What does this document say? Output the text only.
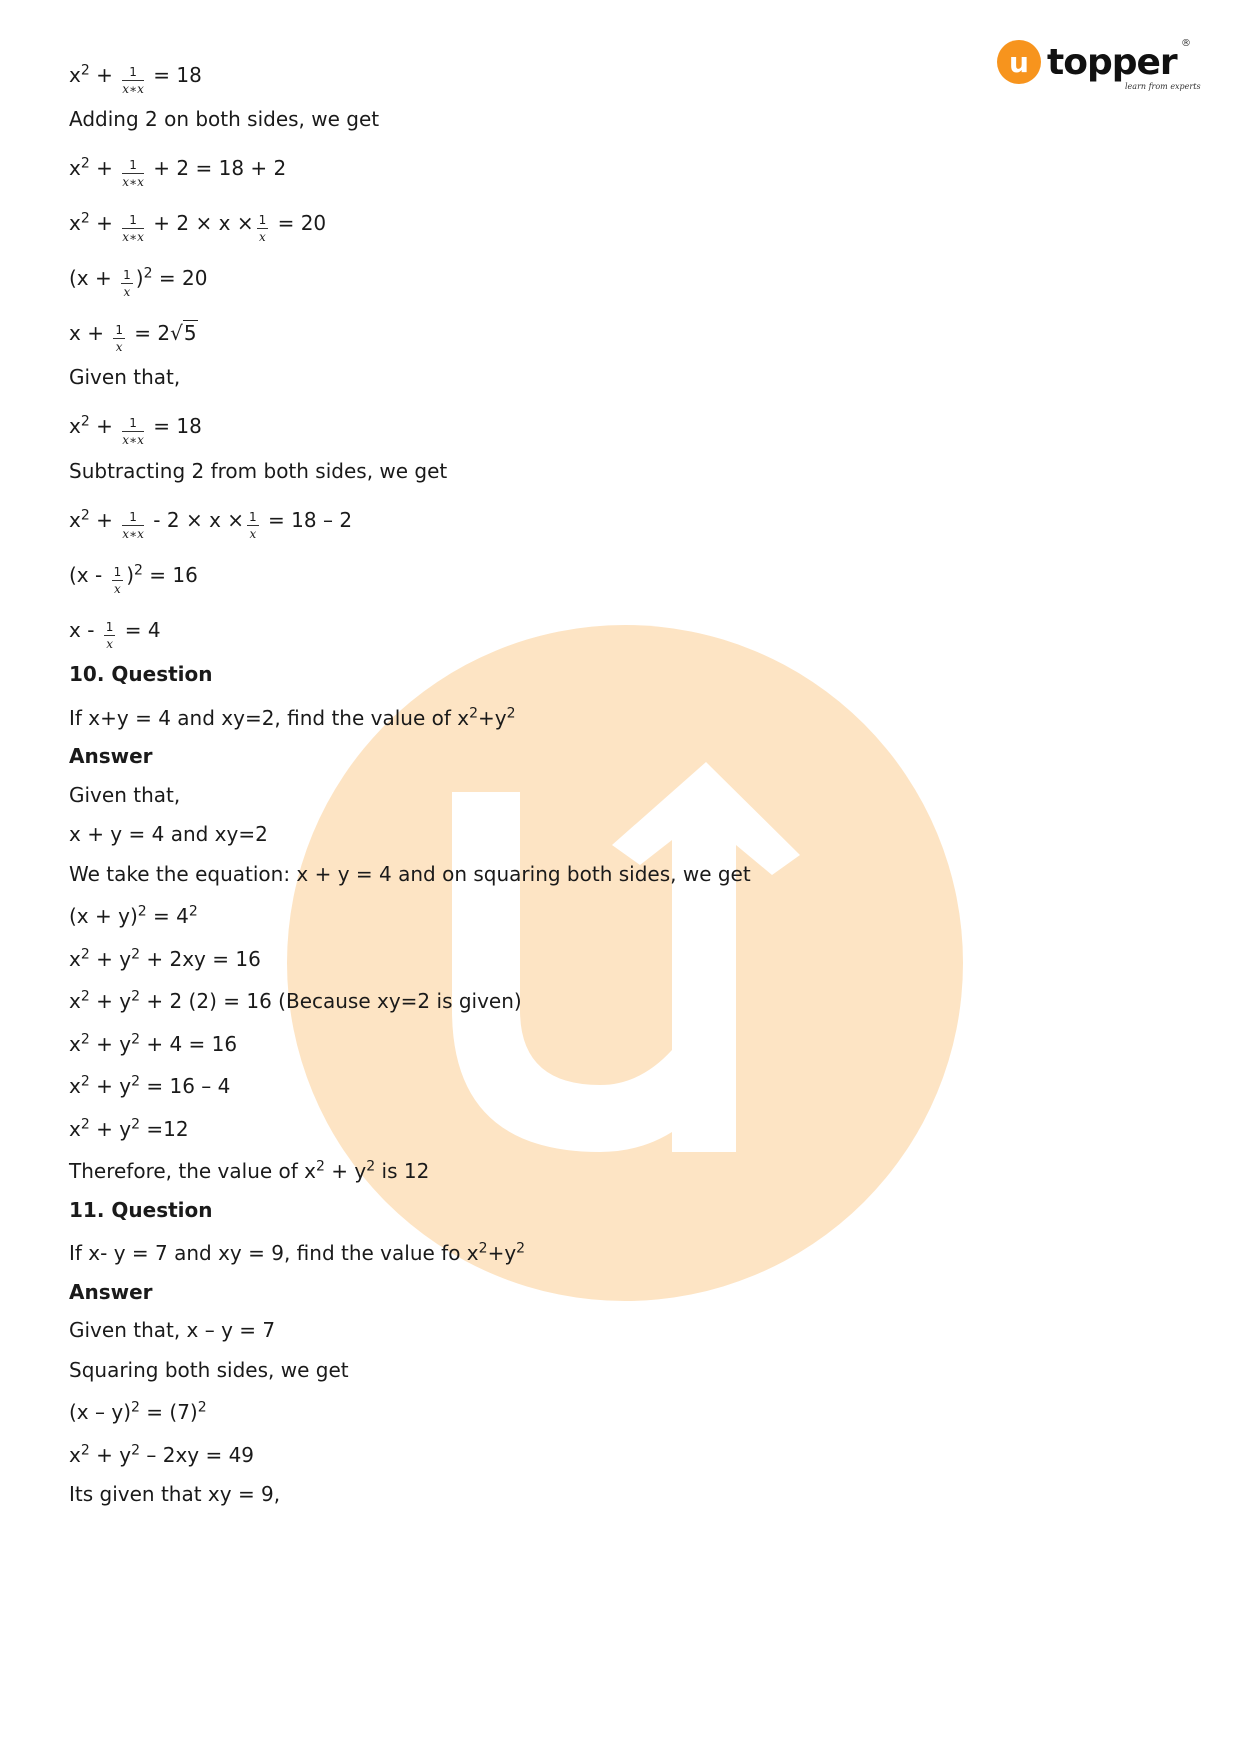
u topper
learn from experts
®
$x^2 + \frac{1}{x∗x} = 18$
Adding 2 on both sides, we get
$x^2 + \frac{1}{x∗x} + 2 = 18 + 2$
$x^2 + \frac{1}{x∗x} + 2 \times x \times \frac{1}{x} = 20$
$(x + \frac{1}{x} )^2 = 20$
$x + \frac{1}{x} = 2√5$
Given that,
$x^2 + \frac{1}{x∗x} = 18$
Subtracting 2 from both sides, we get
$x^2 + \frac{1}{x∗x} - 2 \times x \times \frac{1}{x} = 18 - 2$
$(x - \frac{1}{x} )^2 = 16$
$x - \frac{1}{x} = 4$
10. Question
If x+y = 4 and xy=2, find the value of $x^2+y^2$
Answer
Given that,
x + y = 4 and xy=2
We take the equation: x + y = 4 and on squaring both sides, we get
$(x + y)^2 = 4^2$
$x^2 + y^2 + 2xy = 16$
$x^2 + y^2 + 2$ (2) = 16 (Because xy=2 is given)
$x^2 + y^2 + 4 = 16$
$x^2 + y^2 = 16 - 4$
$x^2 + y^2 =12$
Therefore, the value of $x^2 + y^2$ is 12
11. Question
If x- y = 7 and xy = 9, find the value fo $x^2+y^2$
Answer
Given that, x – y = 7
Squaring both sides, we get
$(x - y)^2 = (7)^2$
$x^2 + y^2 - 2xy = 49$
Its given that xy = 9,
